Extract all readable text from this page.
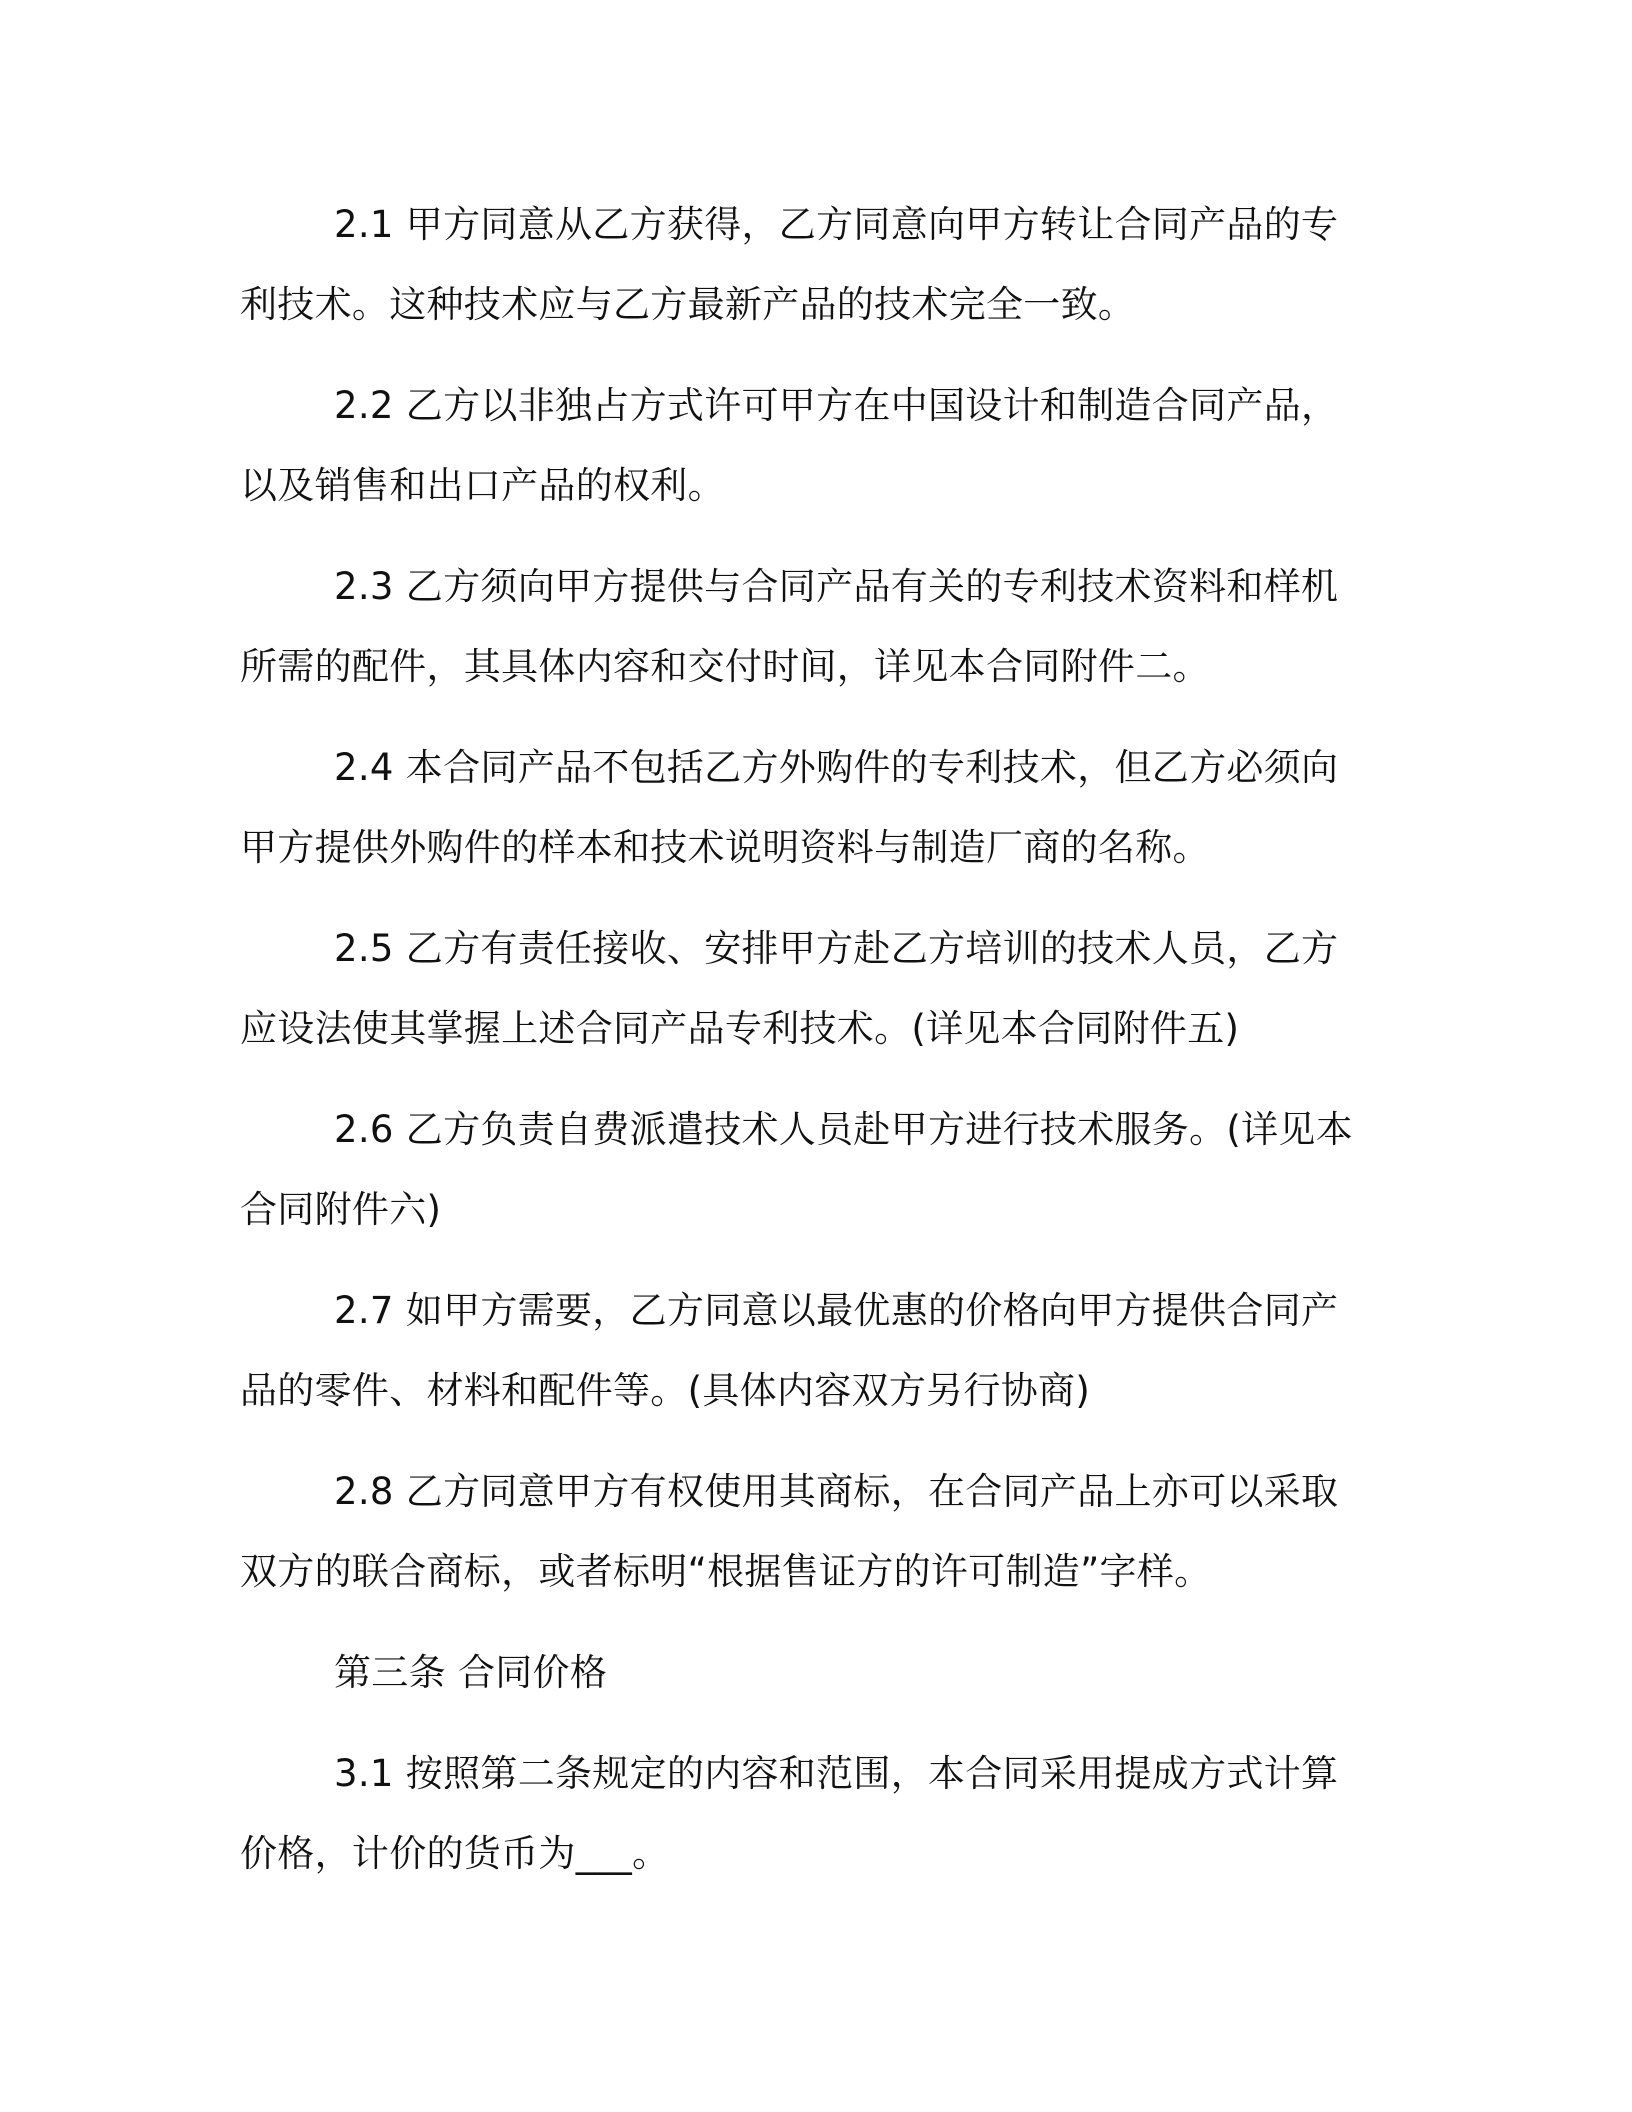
2.1 甲方同意从乙方获得，乙方同意向甲方转让合同产品的专利技术。这种技术应与乙方最新产品的技术完全一致。

2.2 乙方以非独占方式许可甲方在中国设计和制造合同产品，以及销售和出口产品的权利。

2.3 乙方须向甲方提供与合同产品有关的专利技术资料和样机所需的配件，其具体内容和交付时间，详见本合同附件二。

2.4 本合同产品不包括乙方外购件的专利技术，但乙方必须向甲方提供外购件的样本和技术说明资料与制造厂商的名称。

2.5 乙方有责任接收、安排甲方赴乙方培训的技术人员，乙方应设法使其掌握上述合同产品专利技术。(详见本合同附件五)

2.6 乙方负责自费派遣技术人员赴甲方进行技术服务。(详见本合同附件六)

2.7 如甲方需要，乙方同意以最优惠的价格向甲方提供合同产品的零件、材料和配件等。(具体内容双方另行协商)

2.8 乙方同意甲方有权使用其商标，在合同产品上亦可以采取双方的联合商标，或者标明“根据售证方的许可制造”字样。

第三条 合同价格

3.1 按照第二条规定的内容和范围，本合同采用提成方式计算价格，计价的货币为___。
